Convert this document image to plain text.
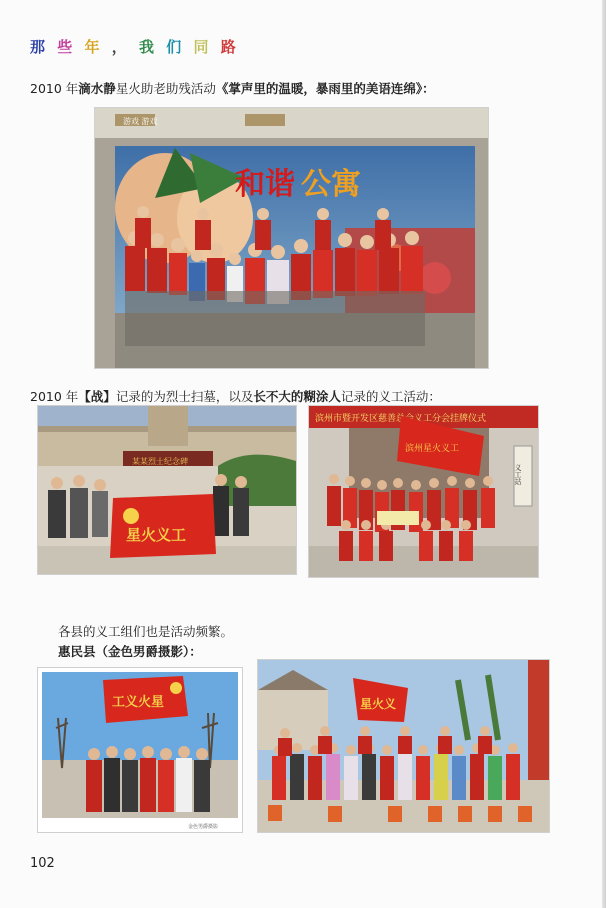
那 些 年 ， 我 们 同 路
2010 年滴水静星火助老助残活动《掌声里的温暖，暴雨里的美语连绵》：
游戏 游戏
和谐 公寓
2010 年【战】记录的为烈士扫墓，以及长不大的糊涂人记录的义工活动：
某某烈士纪念碑
星火义工
滨州市暨开发区慈善总会义工分会挂牌仪式
义工站
滨州星火义工
各县的义工组们也是活动频繁。
惠民县（金色男爵摄影）：
工义火星
金色男爵摄影
星火义
102
